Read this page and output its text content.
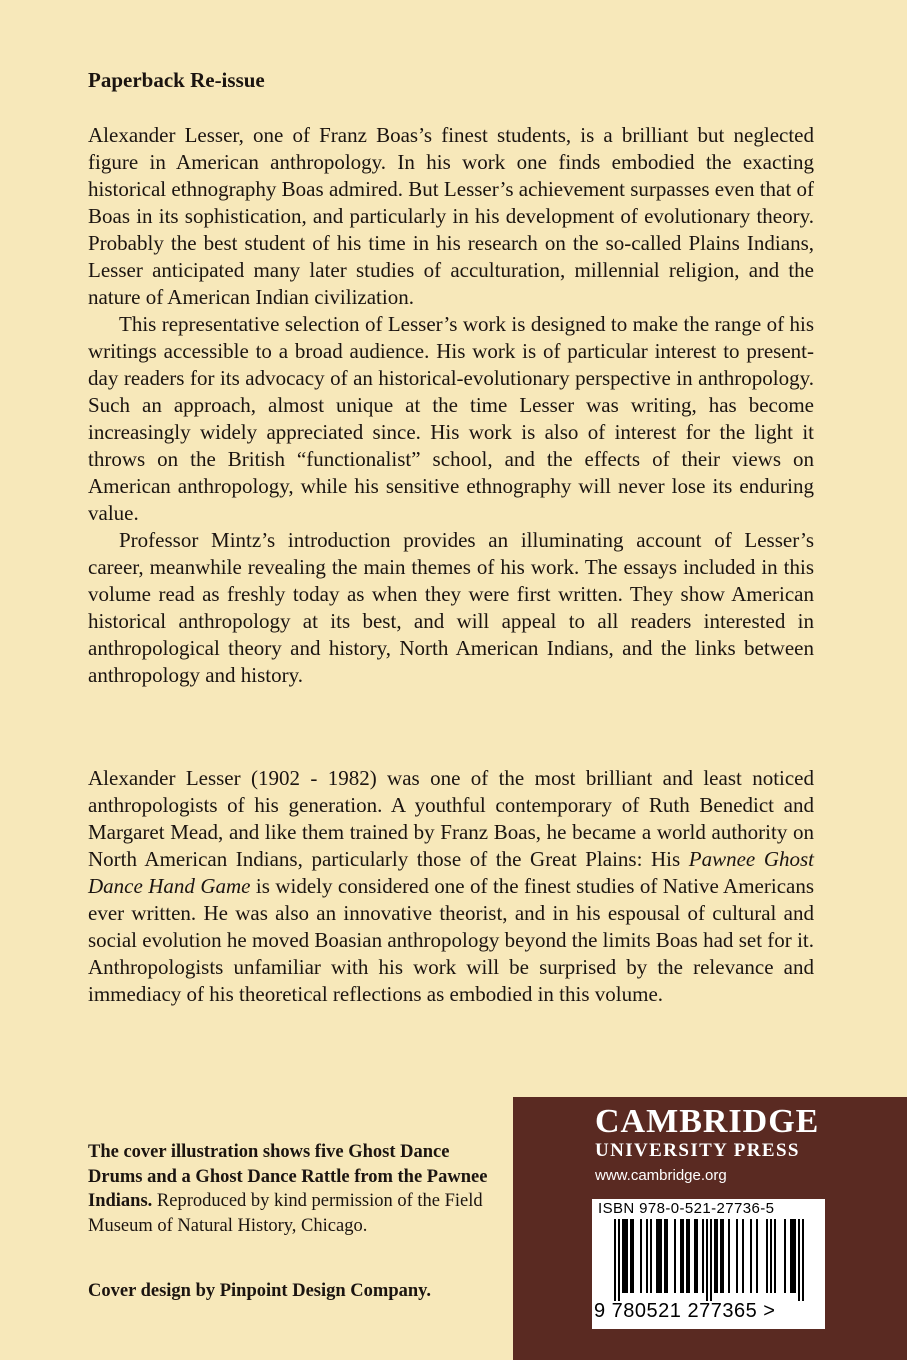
Paperback Re-issue

Alexander Lesser, one of Franz Boas’s finest students, is a brilliant but neglected figure in American anthropology. In his work one finds embodied the exacting historical ethnography Boas admired. But Lesser’s achievement surpasses even that of Boas in its sophistication, and particularly in his development of evolutionary theory. Probably the best student of his time in his research on the so-called Plains Indians, Lesser anticipated many later studies of acculturation, millennial religion, and the nature of American Indian civilization.

This representative selection of Lesser’s work is designed to make the range of his writings accessible to a broad audience. His work is of particular interest to present-day readers for its advocacy of an historical-evolutionary perspective in anthropology. Such an approach, almost unique at the time Lesser was writing, has become increasingly widely appreciated since. His work is also of interest for the light it throws on the British “functionalist” school, and the effects of their views on American anthropology, while his sensitive ethnography will never lose its enduring value.

Professor Mintz’s introduction provides an illuminating account of Lesser’s career, meanwhile revealing the main themes of his work. The essays included in this volume read as freshly today as when they were first written. They show American historical anthropology at its best, and will appeal to all readers interested in anthropological theory and history, North American Indians, and the links between anthropology and history.

Alexander Lesser (1902 - 1982) was one of the most brilliant and least noticed anthropologists of his generation. A youthful contemporary of Ruth Benedict and Margaret Mead, and like them trained by Franz Boas, he became a world authority on North American Indians, particularly those of the Great Plains: His Pawnee Ghost Dance Hand Game is widely considered one of the finest studies of Native Americans ever written. He was also an innovative theorist, and in his espousal of cultural and social evolution he moved Boasian anthropology beyond the limits Boas had set for it. Anthropologists unfamiliar with his work will be surprised by the relevance and immediacy of his theoretical reflections as embodied in this volume.

The cover illustration shows five Ghost Dance Drums and a Ghost Dance Rattle from the Pawnee Indians. Reproduced by kind permission of the Field Museum of Natural History, Chicago.

Cover design by Pinpoint Design Company.

CAMBRIDGE

UNIVERSITY PRESS

www.cambridge.org

ISBN 978-0-521-27736-5

9 780521 277365 >
